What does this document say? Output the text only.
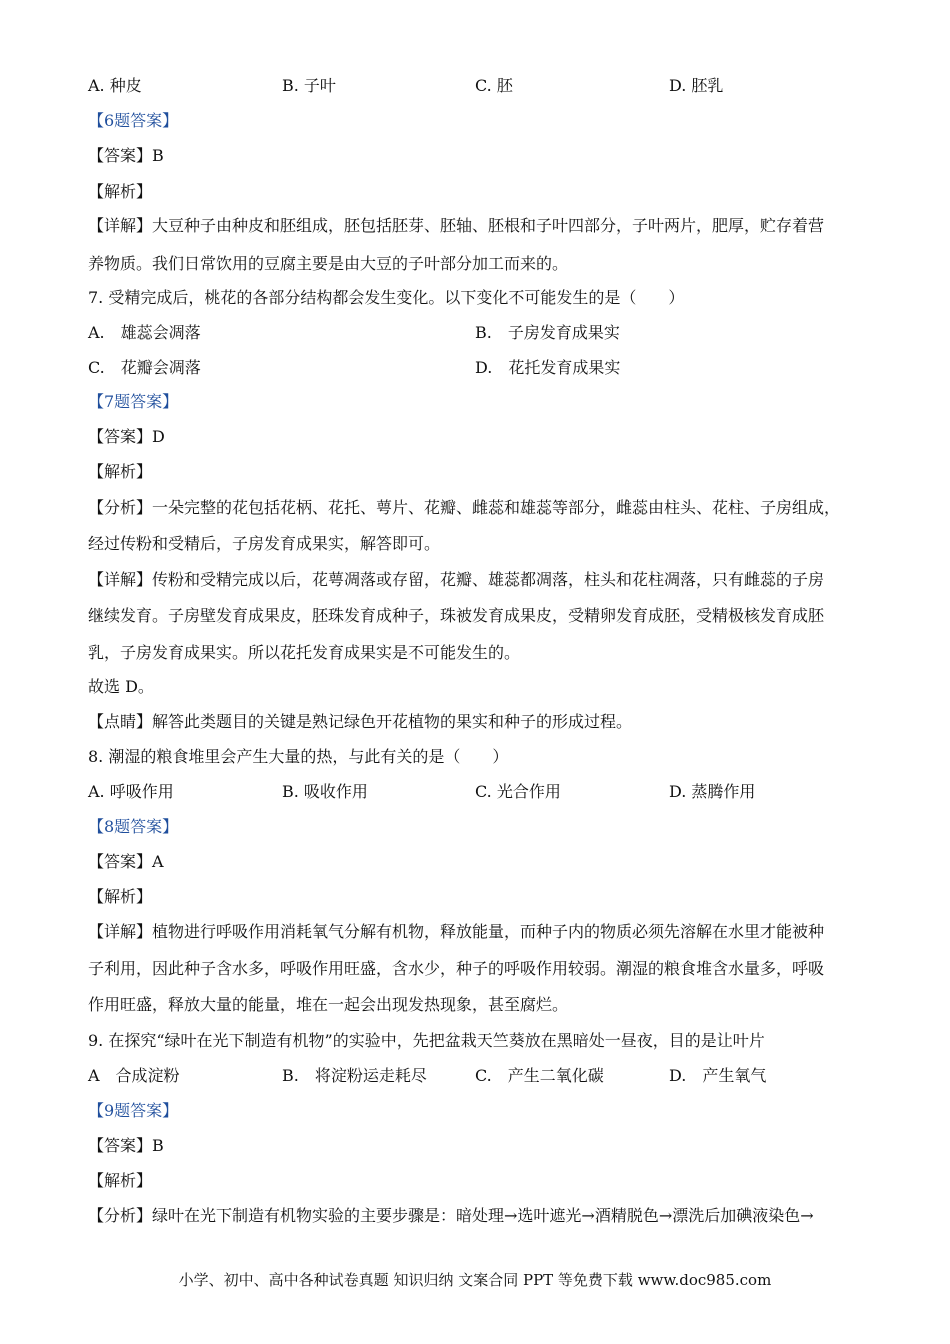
A. 种皮	B. 子叶	C. 胚	D. 胚乳
【6题答案】
【答案】B
【解析】
【详解】大豆种子由种皮和胚组成，胚包括胚芽、胚轴、胚根和子叶四部分，子叶两片，肥厚，贮存着营
养物质。我们日常饮用的豆腐主要是由大豆的子叶部分加工而来的。
7. 受精完成后，桃花的各部分结构都会发生变化。以下变化不可能发生的是（　　）
A.　雄蕊会凋落	B.　子房发育成果实
C.　花瓣会凋落	D.　花托发育成果实
【7题答案】
【答案】D
【解析】
【分析】一朵完整的花包括花柄、花托、萼片、花瓣、雌蕊和雄蕊等部分，雌蕊由柱头、花柱、子房组成，
经过传粉和受精后，子房发育成果实，解答即可。
【详解】传粉和受精完成以后，花萼凋落或存留，花瓣、雄蕊都凋落，柱头和花柱凋落，只有雌蕊的子房
继续发育。子房壁发育成果皮，胚珠发育成种子，珠被发育成果皮，受精卵发育成胚，受精极核发育成胚
乳，子房发育成果实。所以花托发育成果实是不可能发生的。
故选 D。
【点睛】解答此类题目的关键是熟记绿色开花植物的果实和种子的形成过程。
8. 潮湿的粮食堆里会产生大量的热，与此有关的是（　　）
A. 呼吸作用	B. 吸收作用	C. 光合作用	D. 蒸腾作用
【8题答案】
【答案】A
【解析】
【详解】植物进行呼吸作用消耗氧气分解有机物，释放能量，而种子内的物质必须先溶解在水里才能被种
子利用，因此种子含水多，呼吸作用旺盛，含水少，种子的呼吸作用较弱。潮湿的粮食堆含水量多，呼吸
作用旺盛，释放大量的能量，堆在一起会出现发热现象，甚至腐烂。
9. 在探究“绿叶在光下制造有机物”的实验中，先把盆栽天竺葵放在黑暗处一昼夜，目的是让叶片
A　合成淀粉	B.　将淀粉运走耗尽	C.　产生二氧化碳	D.　产生氧气
【9题答案】
【答案】B
【解析】
【分析】绿叶在光下制造有机物实验的主要步骤是：暗处理→选叶遮光→酒精脱色→漂洗后加碘液染色→
小学、初中、高中各种试卷真题 知识归纳 文案合同 PPT 等免费下载 www.doc985.com
